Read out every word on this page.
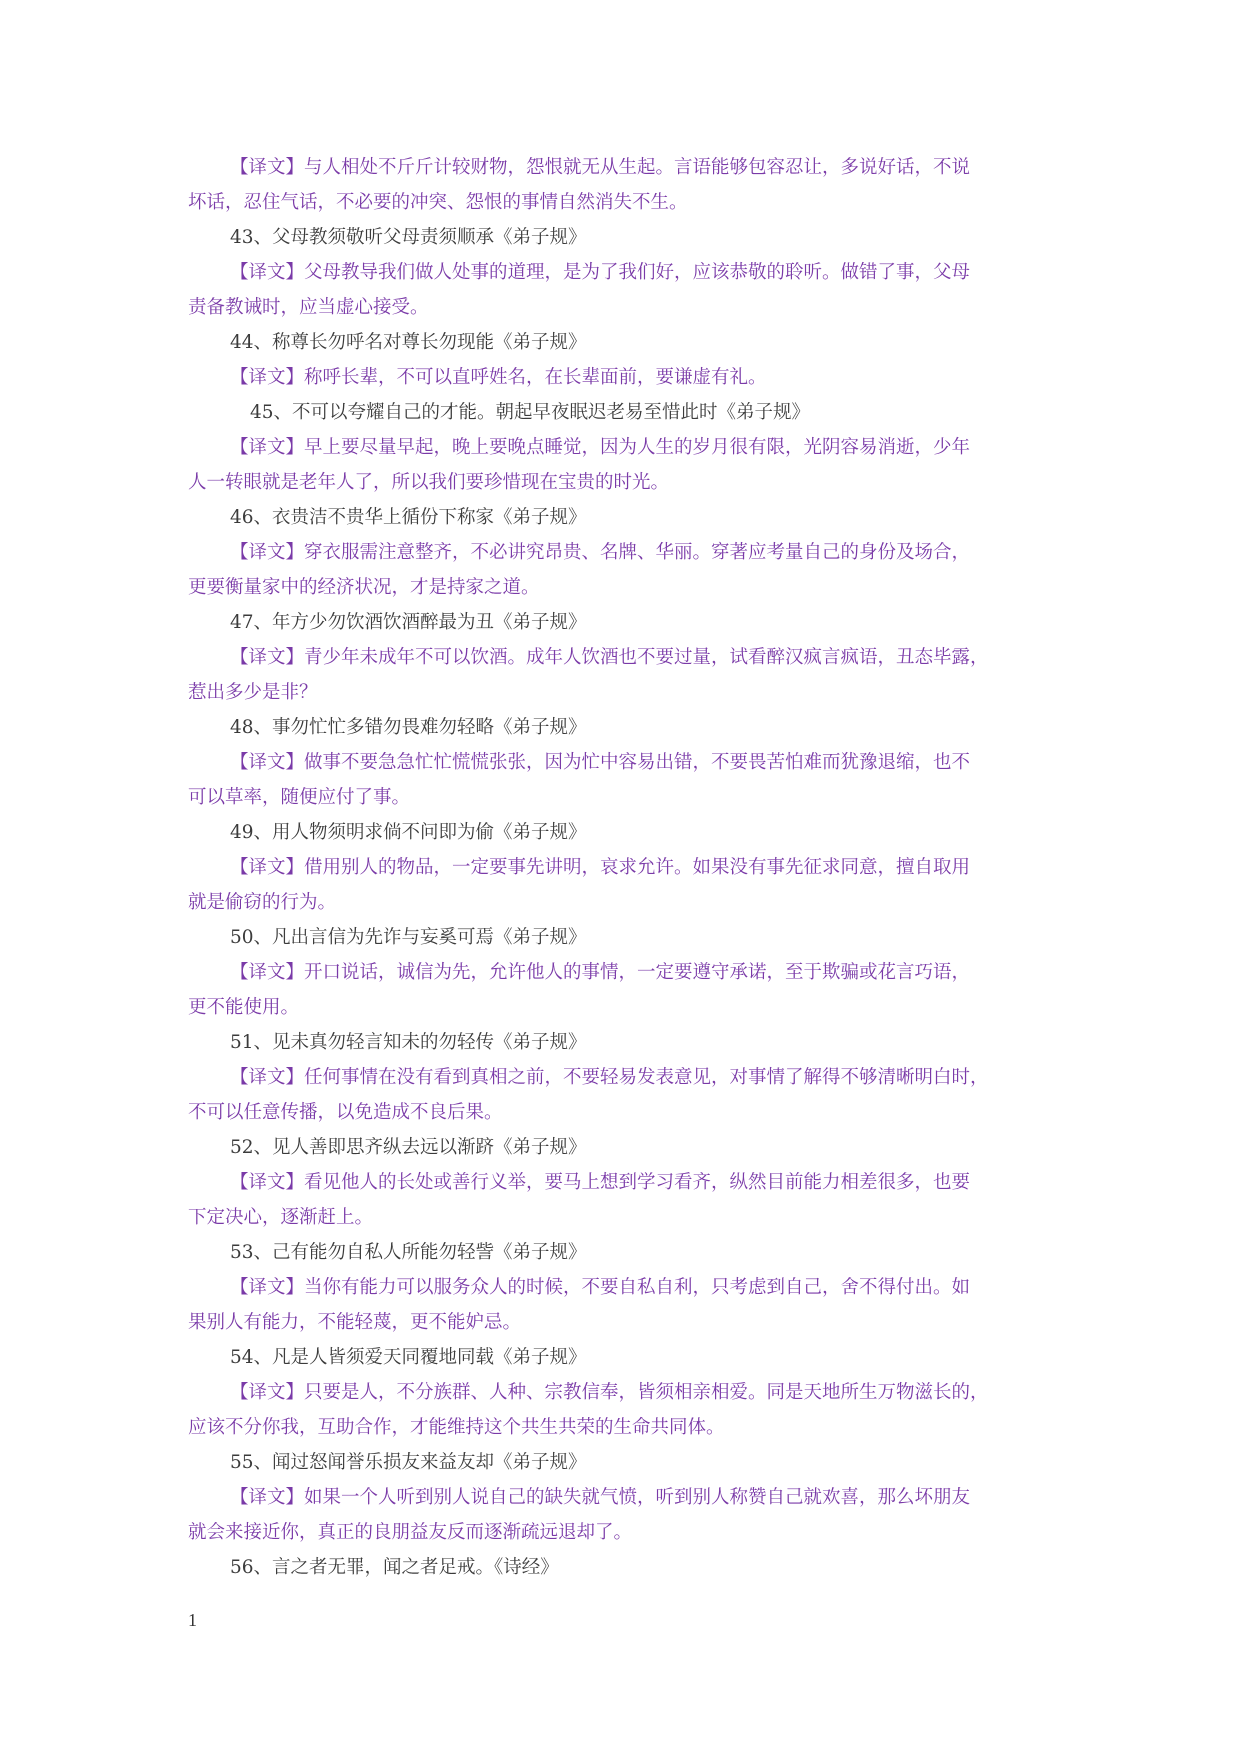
【译文】与人相处不斤斤计较财物，怨恨就无从生起。言语能够包容忍让，多说好话，不说
坏话，忍住气话，不必要的冲突、怨恨的事情自然消失不生。
43、父母教须敬听父母责须顺承《弟子规》
【译文】父母教导我们做人处事的道理，是为了我们好，应该恭敬的聆听。做错了事，父母
责备教诫时，应当虚心接受。
44、称尊长勿呼名对尊长勿现能《弟子规》
【译文】称呼长辈，不可以直呼姓名，在长辈面前，要谦虚有礼。
45、不可以夸耀自己的才能。朝起早夜眠迟老易至惜此时《弟子规》
【译文】早上要尽量早起，晚上要晚点睡觉，因为人生的岁月很有限，光阴容易消逝，少年
人一转眼就是老年人了，所以我们要珍惜现在宝贵的时光。
46、衣贵洁不贵华上循份下称家《弟子规》
【译文】穿衣服需注意整齐，不必讲究昂贵、名牌、华丽。穿著应考量自己的身份及场合，
更要衡量家中的经济状况，才是持家之道。
47、年方少勿饮酒饮酒醉最为丑《弟子规》
【译文】青少年未成年不可以饮酒。成年人饮酒也不要过量，试看醉汉疯言疯语，丑态毕露，
惹出多少是非？
48、事勿忙忙多错勿畏难勿轻略《弟子规》
【译文】做事不要急急忙忙慌慌张张，因为忙中容易出错，不要畏苦怕难而犹豫退缩，也不
可以草率，随便应付了事。
49、用人物须明求倘不问即为偷《弟子规》
【译文】借用别人的物品，一定要事先讲明，哀求允许。如果没有事先征求同意，擅自取用
就是偷窃的行为。
50、凡出言信为先诈与妄奚可焉《弟子规》
【译文】开口说话，诚信为先，允许他人的事情，一定要遵守承诺，至于欺骗或花言巧语，
更不能使用。
51、见未真勿轻言知未的勿轻传《弟子规》
【译文】任何事情在没有看到真相之前，不要轻易发表意见，对事情了解得不够清晰明白时，
不可以任意传播，以免造成不良后果。
52、见人善即思齐纵去远以渐跻《弟子规》
【译文】看见他人的长处或善行义举，要马上想到学习看齐，纵然目前能力相差很多，也要
下定决心，逐渐赶上。
53、己有能勿自私人所能勿轻訾《弟子规》
【译文】当你有能力可以服务众人的时候，不要自私自利，只考虑到自己，舍不得付出。如
果别人有能力，不能轻蔑，更不能妒忌。
54、凡是人皆须爱天同覆地同载《弟子规》
【译文】只要是人，不分族群、人种、宗教信奉，皆须相亲相爱。同是天地所生万物滋长的，
应该不分你我，互助合作，才能维持这个共生共荣的生命共同体。
55、闻过怒闻誉乐损友来益友却《弟子规》
【译文】如果一个人听到别人说自己的缺失就气愤，听到别人称赞自己就欢喜，那么坏朋友
就会来接近你，真正的良朋益友反而逐渐疏远退却了。
56、言之者无罪，闻之者足戒。《诗经》
1
